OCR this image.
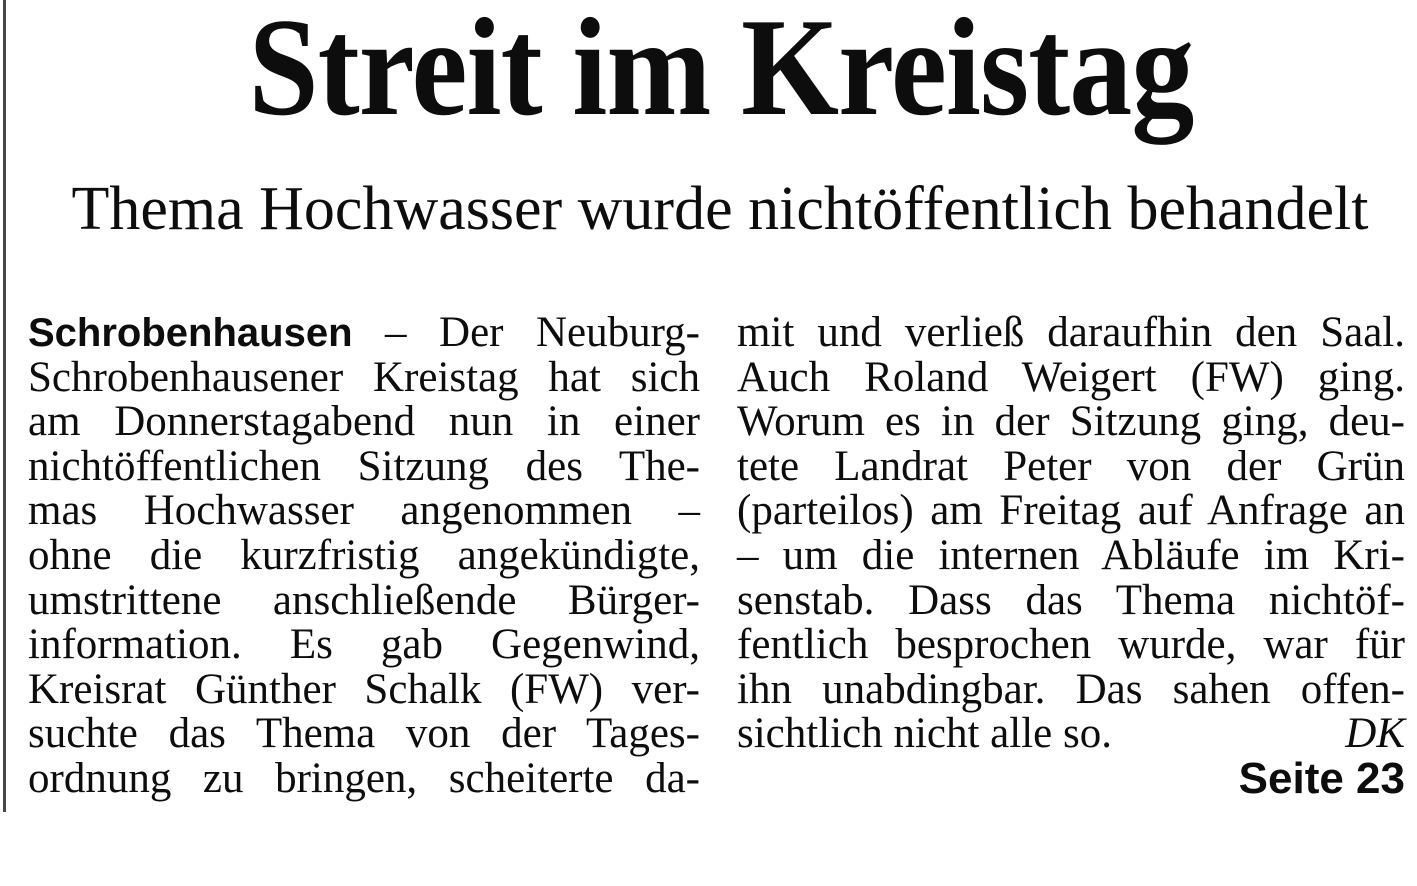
Streit im Kreistag
Thema Hochwasser wurde nichtöffentlich behandelt
Schrobenhausen – Der Neuburg-
Schrobenhausener Kreistag hat sich
am Donnerstagabend nun in einer
nichtöffentlichen Sitzung des The-
mas Hochwasser angenommen –
ohne die kurzfristig angekündigte,
umstrittene anschließende Bürger-
information. Es gab Gegenwind,
Kreisrat Günther Schalk (FW) ver-
suchte das Thema von der Tages-
ordnung zu bringen, scheiterte da-
mit und verließ daraufhin den Saal.
Auch Roland Weigert (FW) ging.
Worum es in der Sitzung ging, deu-
tete Landrat Peter von der Grün
(parteilos) am Freitag auf Anfrage an
– um die internen Abläufe im Kri-
senstab. Dass das Thema nichtöf-
fentlich besprochen wurde, war für
ihn unabdingbar. Das sahen offen-
sichtlich nicht alle so.	DK
Seite 23
